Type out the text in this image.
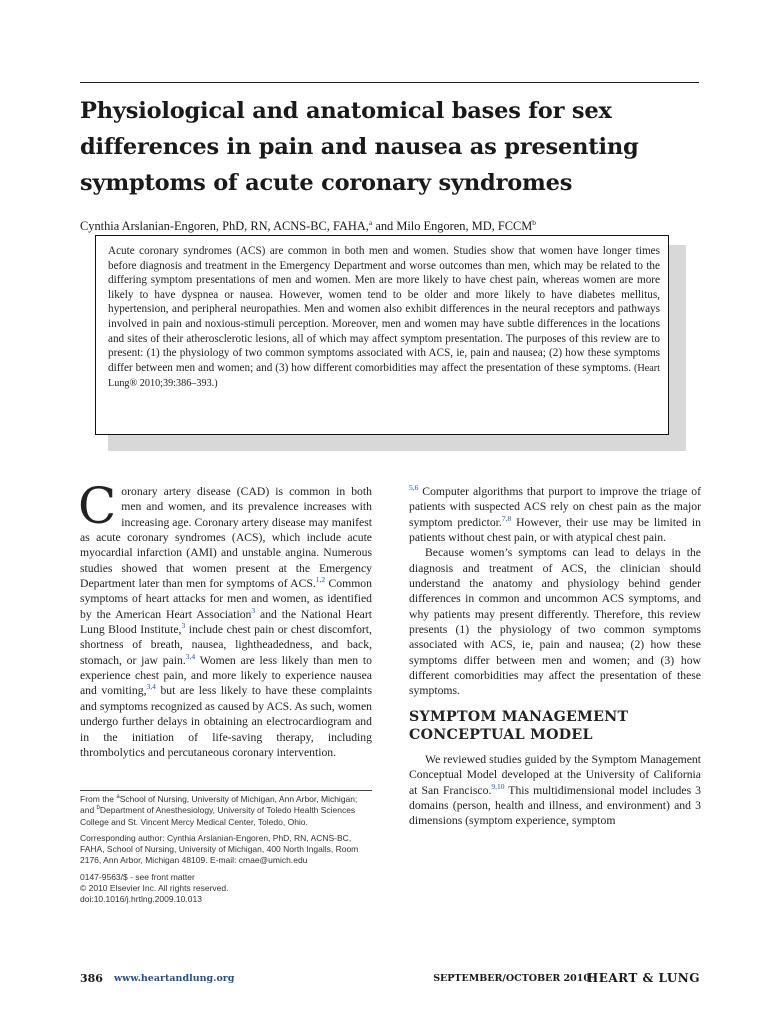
Physiological and anatomical bases for sex
differences in pain and nausea as presenting
symptoms of acute coronary syndromes
Cynthia Arslanian-Engoren, PhD, RN, ACNS-BC, FAHA,$^a$ and Milo Engoren, MD, FCCM$^b$
Acute coronary syndromes (ACS) are common in both men and women. Studies show that women have longer times before diagnosis and treatment in the Emergency Department and worse outcomes than men, which may be related to the differing symptom presentations of men and women. Men are more likely to have chest pain, whereas women are more likely to have dyspnea or nausea. However, women tend to be older and more likely to have diabetes mellitus, hypertension, and peripheral neuropathies. Men and women also exhibit differences in the neural receptors and pathways involved in pain and noxious-stimuli perception. Moreover, men and women may have subtle differences in the locations and sites of their atherosclerotic lesions, all of which may affect symptom presentation. The purposes of this review are to present: (1) the physiology of two common symptoms associated with ACS, ie, pain and nausea; (2) how these symptoms differ between men and women; and (3) how different comorbidities may affect the presentation of these symptoms. (Heart Lung® 2010;39:386–393.)

Coronary artery disease (CAD) is common in both men and women, and its prevalence increases with increasing age. Coronary artery disease may manifest as acute coronary syndromes (ACS), which include acute myocardial infarction (AMI) and unstable angina. Numerous studies showed that women present at the Emergency Department later than men for symptoms of ACS.$^{1,2}$ Common symptoms of heart attacks for men and women, as identified by the American Heart Association$^3$ and the National Heart Lung Blood Institute,$^3$ include chest pain or chest discomfort, shortness of breath, nausea, lightheadedness, and back, stomach, or jaw pain.$^{3,4}$ Women are less likely than men to experience chest pain, and more likely to experience nausea and vomiting,$^{3,4}$ but are less likely to have these complaints and symptoms recognized as caused by ACS. As such, women undergo further delays in obtaining an electrocardiogram and in the initiation of life-saving therapy, including thrombolytics and percutaneous coronary intervention.

$^{5,6}$ Computer algorithms that purport to improve the triage of patients with suspected ACS rely on chest pain as the major symptom predictor.$^{7,8}$ However, their use may be limited in patients without chest pain, or with atypical chest pain.

Because women’s symptoms can lead to delays in the diagnosis and treatment of ACS, the clinician should understand the anatomy and physiology behind gender differences in common and uncommon ACS symptoms, and why patients may present differently. Therefore, this review presents (1) the physiology of two common symptoms associated with ACS, ie, pain and nausea; (2) how these symptoms differ between men and women; and (3) how different comorbidities may affect the presentation of these symptoms.

SYMPTOM MANAGEMENT
CONCEPTUAL MODEL

We reviewed studies guided by the Symptom Management Conceptual Model developed at the University of California at San Francisco.$^{9,10}$ This multidimensional model includes 3 domains (person, health and illness, and environment) and 3 dimensions (symptom experience, symptom

From the $^a$School of Nursing, University of Michigan, Ann Arbor, Michigan; and $^b$Department of Anesthesiology, University of Toledo Health Sciences College and St. Vincent Mercy Medical Center, Toledo, Ohio.

Corresponding author: Cynthia Arslanian-Engoren, PhD, RN, ACNS-BC, FAHA, School of Nursing, University of Michigan, 400 North Ingalls, Room 2176, Ann Arbor, Michigan 48109. E-mail: cmae@umich.edu

0147-9563/$ - see front matter

© 2010 Elsevier Inc. All rights reserved.

doi:10.1016/j.hrtlng.2009.10.013

386 www.heartandlung.org	SEPTEMBER/OCTOBER 2010
HEART & LUNG
